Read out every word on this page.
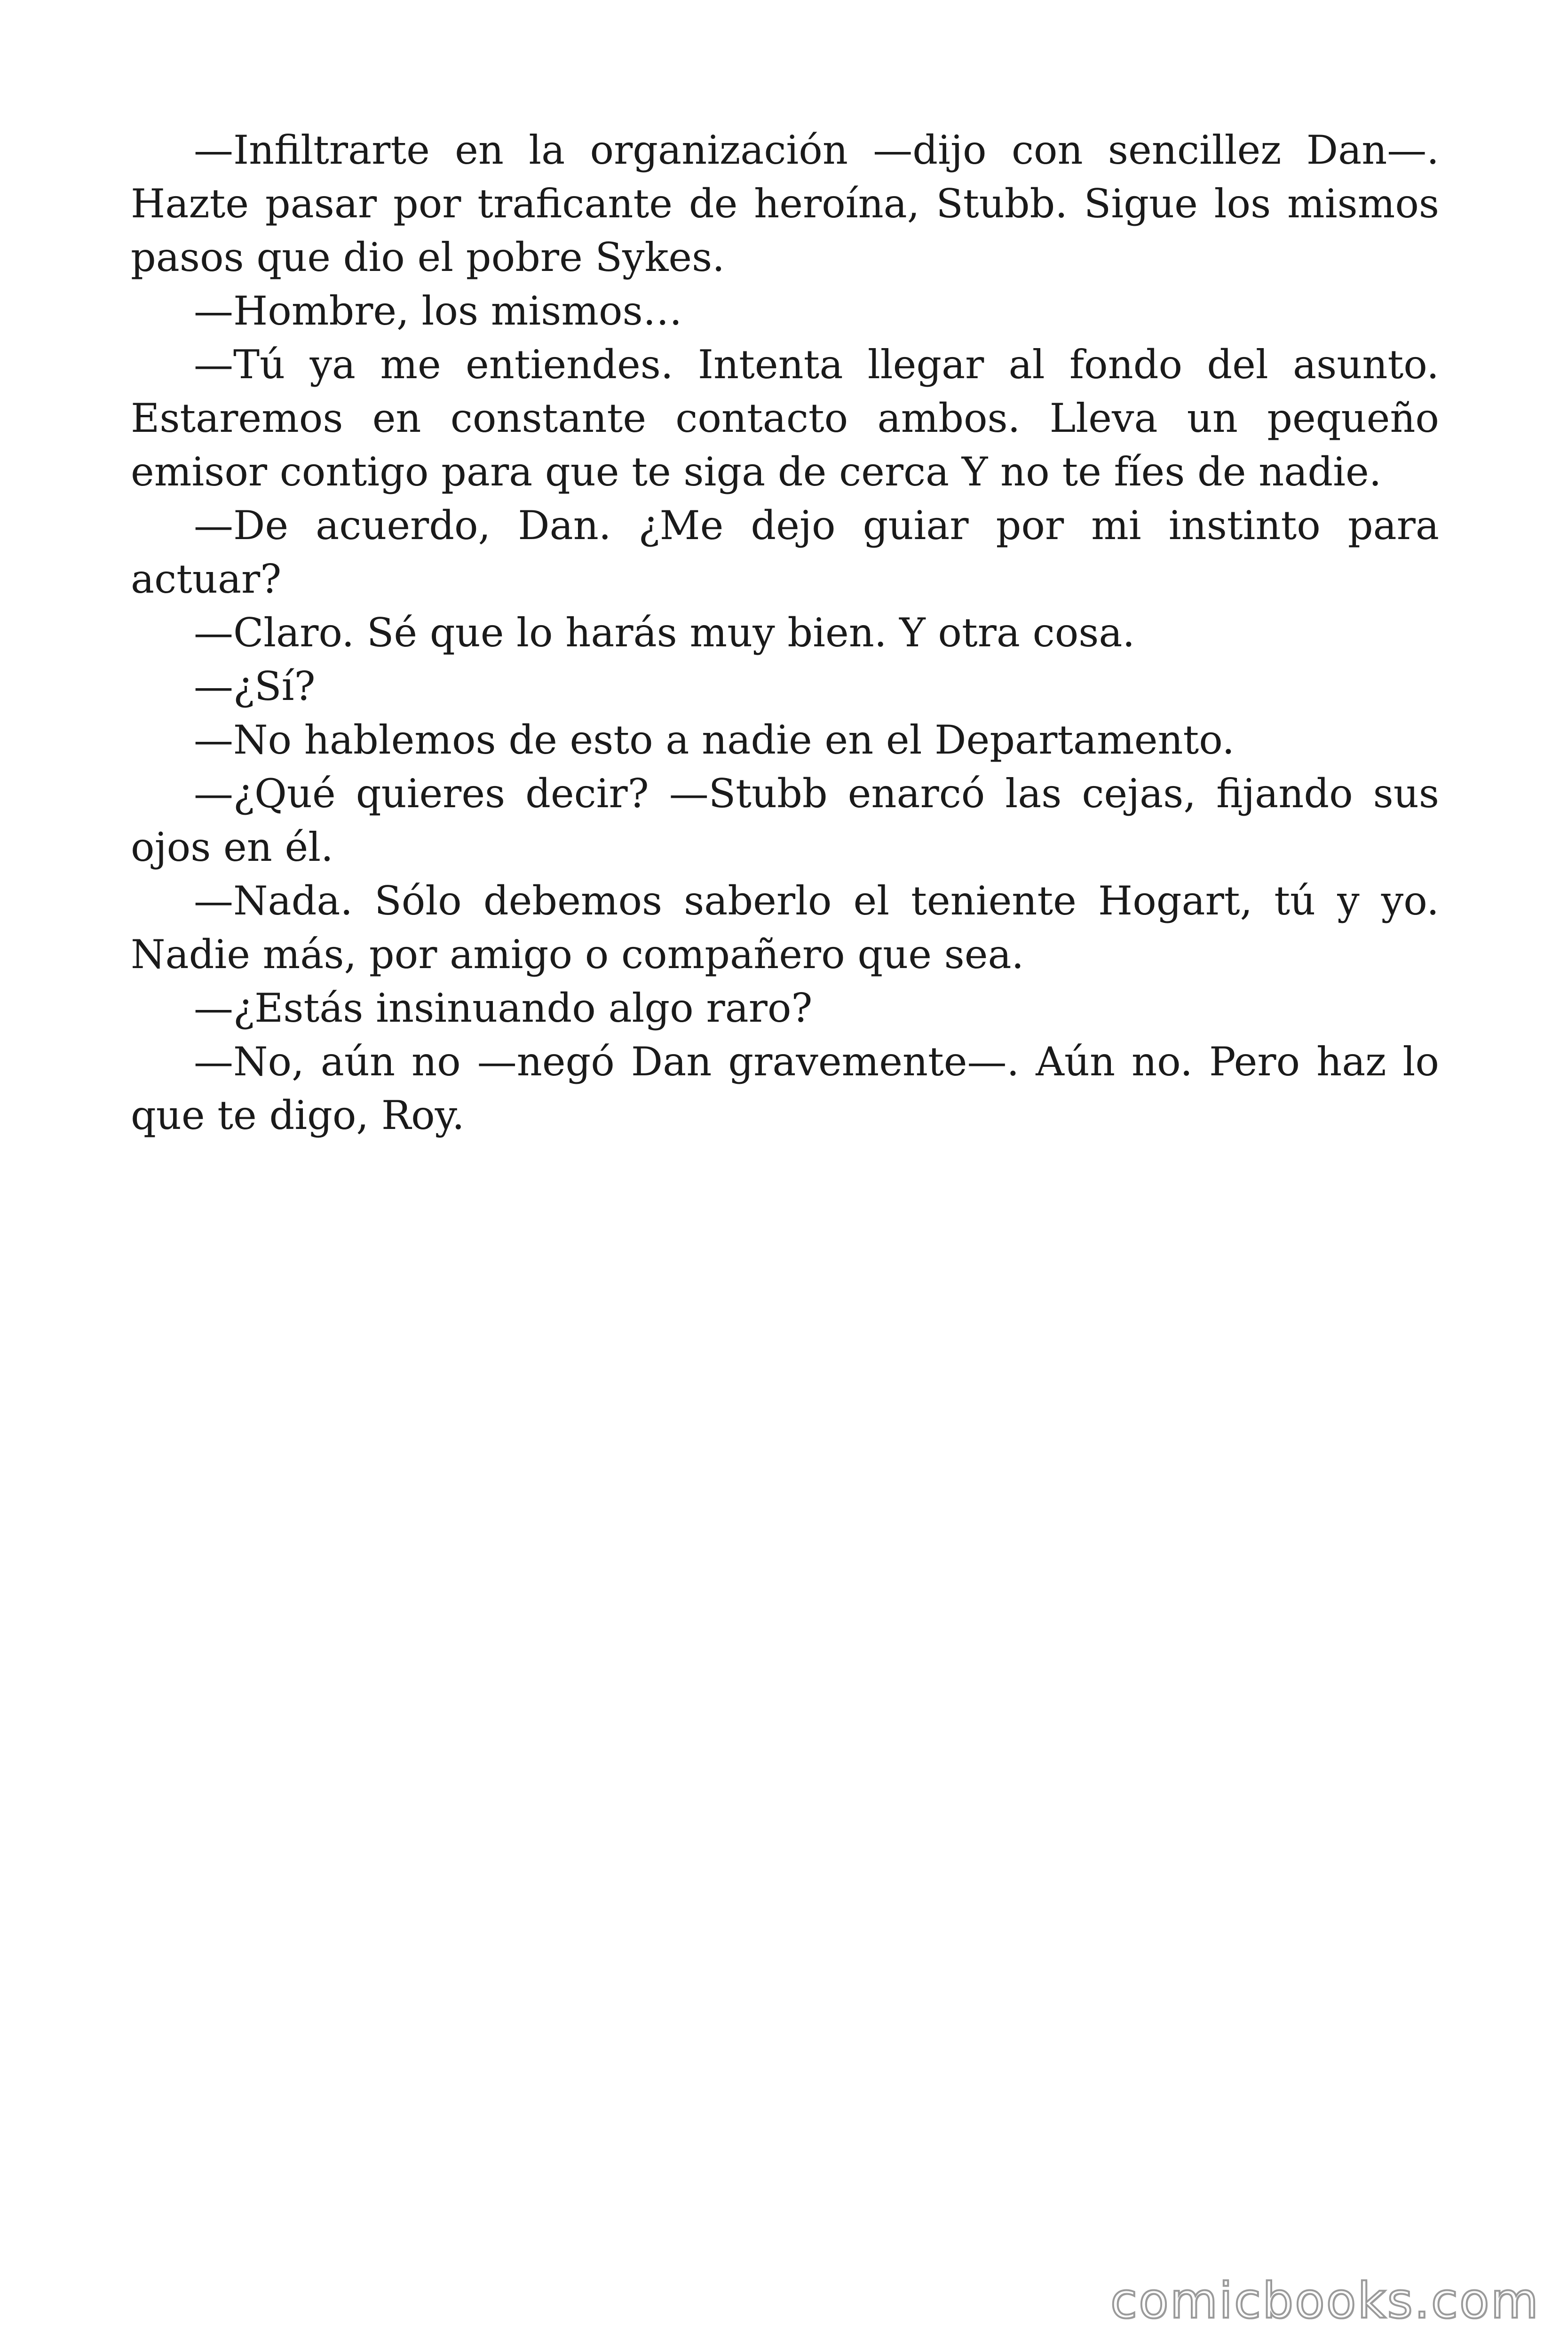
—Infiltrarte en la organización —dijo con sencillez Dan—. Hazte pasar por traficante de heroína, Stubb. Sigue los mismos pasos que dio el pobre Sykes.

—Hombre, los mismos…

—Tú ya me entiendes. Intenta llegar al fondo del asunto. Estaremos en constante contacto ambos. Lleva un pequeño emisor contigo para que te siga de cerca Y no te fíes de nadie.

—De acuerdo, Dan. ¿Me dejo guiar por mi instinto para actuar?

—Claro. Sé que lo harás muy bien. Y otra cosa.

—¿Sí?

—No hablemos de esto a nadie en el Departamento.

—¿Qué quieres decir? —Stubb enarcó las cejas, fijando sus ojos en él.

—Nada. Sólo debemos saberlo el teniente Hogart, tú y yo. Nadie más, por amigo o compañero que sea.

—¿Estás insinuando algo raro?

—No, aún no —negó Dan gravemente—. Aún no. Pero haz lo que te digo, Roy.

comicbooks.com
